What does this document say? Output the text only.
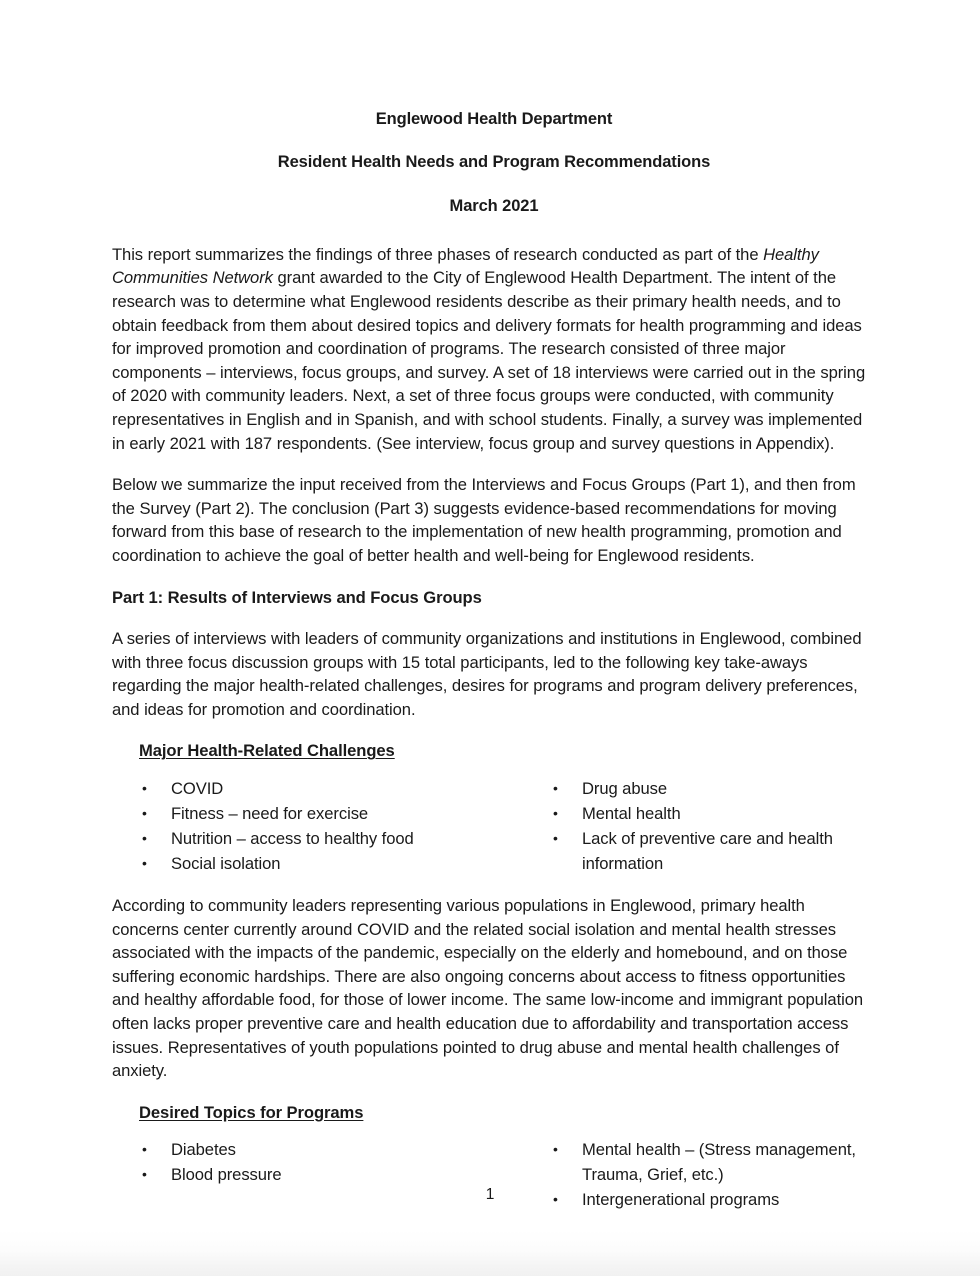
Englewood Health Department
Resident Health Needs and Program Recommendations
March 2021

This report summarizes the findings of three phases of research conducted as part of the Healthy Communities Network grant awarded to the City of Englewood Health Department. The intent of the research was to determine what Englewood residents describe as their primary health needs, and to obtain feedback from them about desired topics and delivery formats for health programming and ideas for improved promotion and coordination of programs. The research consisted of three major components – interviews, focus groups, and survey. A set of 18 interviews were carried out in the spring of 2020 with community leaders. Next, a set of three focus groups were conducted, with community representatives in English and in Spanish, and with school students. Finally, a survey was implemented in early 2021 with 187 respondents. (See interview, focus group and survey questions in Appendix).

Below we summarize the input received from the Interviews and Focus Groups (Part 1), and then from the Survey (Part 2). The conclusion (Part 3) suggests evidence-based recommendations for moving forward from this base of research to the implementation of new health programming, promotion and coordination to achieve the goal of better health and well-being for Englewood residents.

Part 1: Results of Interviews and Focus Groups

A series of interviews with leaders of community organizations and institutions in Englewood, combined with three focus discussion groups with 15 total participants, led to the following key take-aways regarding the major health-related challenges, desires for programs and program delivery preferences, and ideas for promotion and coordination.

Major Health-Related Challenges
• COVID
• Fitness – need for exercise
• Nutrition – access to healthy food
• Social isolation
• Drug abuse
• Mental health
• Lack of preventive care and health information

According to community leaders representing various populations in Englewood, primary health concerns center currently around COVID and the related social isolation and mental health stresses associated with the impacts of the pandemic, especially on the elderly and homebound, and on those suffering economic hardships. There are also ongoing concerns about access to fitness opportunities and healthy affordable food, for those of lower income. The same low-income and immigrant population often lacks proper preventive care and health education due to affordability and transportation access issues. Representatives of youth populations pointed to drug abuse and mental health challenges of anxiety.

Desired Topics for Programs
• Diabetes
• Blood pressure
• Mental health – (Stress management, Trauma, Grief, etc.)
• Intergenerational programs
1
